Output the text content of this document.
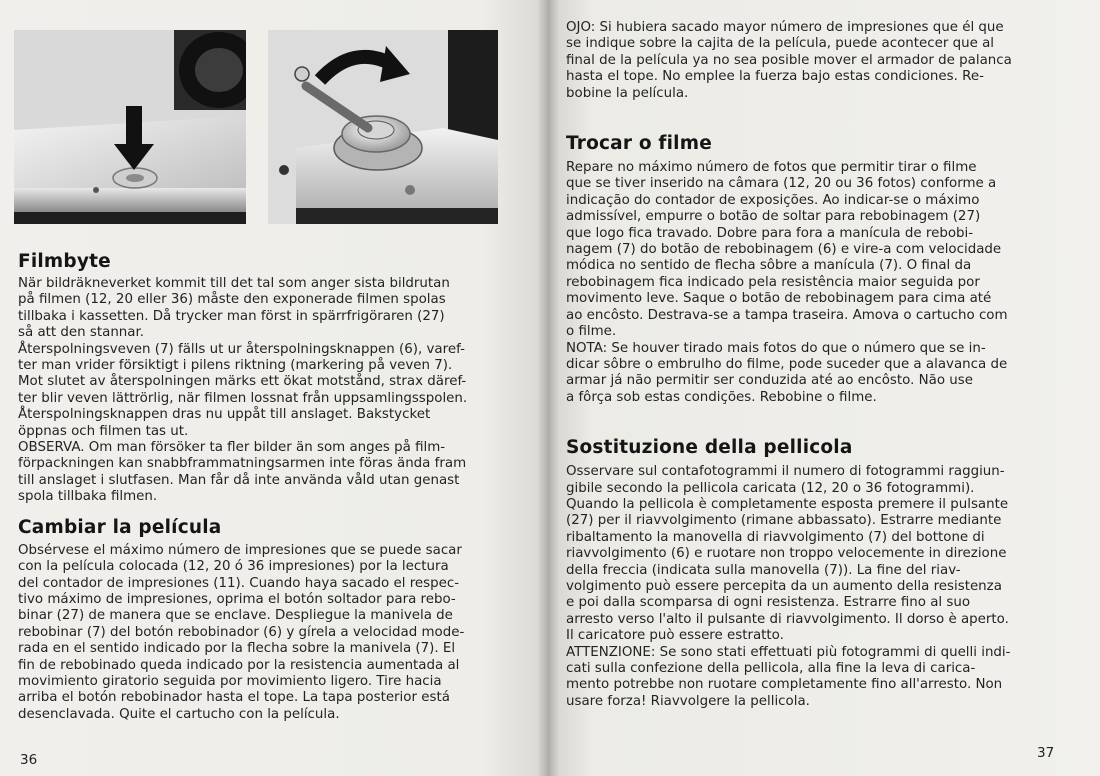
Filmbyte

När bildräkneverket kommit till det tal som anger sista bildrutan
på filmen (12, 20 eller 36) måste den exponerade filmen spolas
tillbaka i kassetten. Då trycker man först in spärrfrigöraren (27)
så att den stannar.
Återspolningsveven (7) fälls ut ur återspolningsknappen (6), varef-
ter man vrider försiktigt i pilens riktning (markering på veven 7).
Mot slutet av återspolningen märks ett ökat motstånd, strax däref-
ter blir veven lättrörlig, när filmen lossnat från uppsamlingsspolen.
Återspolningsknappen dras nu uppåt till anslaget. Bakstycket
öppnas och filmen tas ut.
OBSERVA. Om man försöker ta fler bilder än som anges på film-
förpackningen kan snabbframmatningsarmen inte föras ända fram
till anslaget i slutfasen. Man får då inte använda våld utan genast
spola tillbaka filmen.

Cambiar la película

Obsérvese el máximo número de impresiones que se puede sacar
con la película colocada (12, 20 ó 36 impresiones) por la lectura
del contador de impresiones (11). Cuando haya sacado el respec-
tivo máximo de impresiones, oprima el botón soltador para rebo-
binar (27) de manera que se enclave. Despliegue la manivela de
rebobinar (7) del botón rebobinador (6) y gírela a velocidad mode-
rada en el sentido indicado por la flecha sobre la manivela (7). El
fin de rebobinado queda indicado por la resistencia aumentada al
movimiento giratorio seguida por movimiento ligero. Tire hacia
arriba el botón rebobinador hasta el tope. La tapa posterior está
desenclavada. Quite el cartucho con la película.

36

OJO: Si hubiera sacado mayor número de impresiones que él que
se indique sobre la cajita de la película, puede acontecer que al
final de la película ya no sea posible mover el armador de palanca
hasta el tope. No emplee la fuerza bajo estas condiciones. Re-
bobine la película.

Trocar o filme

Repare no máximo número de fotos que permitir tirar o filme
que se tiver inserido na câmara (12, 20 ou 36 fotos) conforme a
indicação do contador de exposições. Ao indicar-se o máximo
admissível, empurre o botão de soltar para rebobinagem (27)
que logo fica travado. Dobre para fora a manícula de rebobi-
nagem (7) do botão de rebobinagem (6) e vire-a com velocidade
módica no sentido de flecha sôbre a manícula (7). O final da
rebobinagem fica indicado pela resistência maior seguida por
movimento leve. Saque o botão de rebobinagem para cima até
ao encôsto. Destrava-se a tampa traseira. Amova o cartucho com
o filme.
NOTA: Se houver tirado mais fotos do que o número que se in-
dicar sôbre o embrulho do filme, pode suceder que a alavanca de
armar já não permitir ser conduzida até ao encôsto. Não use
a fôrça sob estas condições. Rebobine o filme.

Sostituzione della pellicola

Osservare sul contafotogrammi il numero di fotogrammi raggiun-
gibile secondo la pellicola caricata (12, 20 o 36 fotogrammi).
Quando la pellicola è completamente esposta premere il pulsante
(27) per il riavvolgimento (rimane abbassato). Estrarre mediante
ribaltamento la manovella di riavvolgimento (7) del bottone di
riavvolgimento (6) e ruotare non troppo velocemente in direzione
della freccia (indicata sulla manovella (7)). La fine del riav-
volgimento può essere percepita da un aumento della resistenza
e poi dalla scomparsa di ogni resistenza. Estrarre fino al suo
arresto verso l'alto il pulsante di riavvolgimento. Il dorso è aperto.
Il caricatore può essere estratto.
ATTENZIONE: Se sono stati effettuati più fotogrammi di quelli indi-
cati sulla confezione della pellicola, alla fine la leva di carica-
mento potrebbe non ruotare completamente fino all'arresto. Non
usare forza! Riavvolgere la pellicola.

37
